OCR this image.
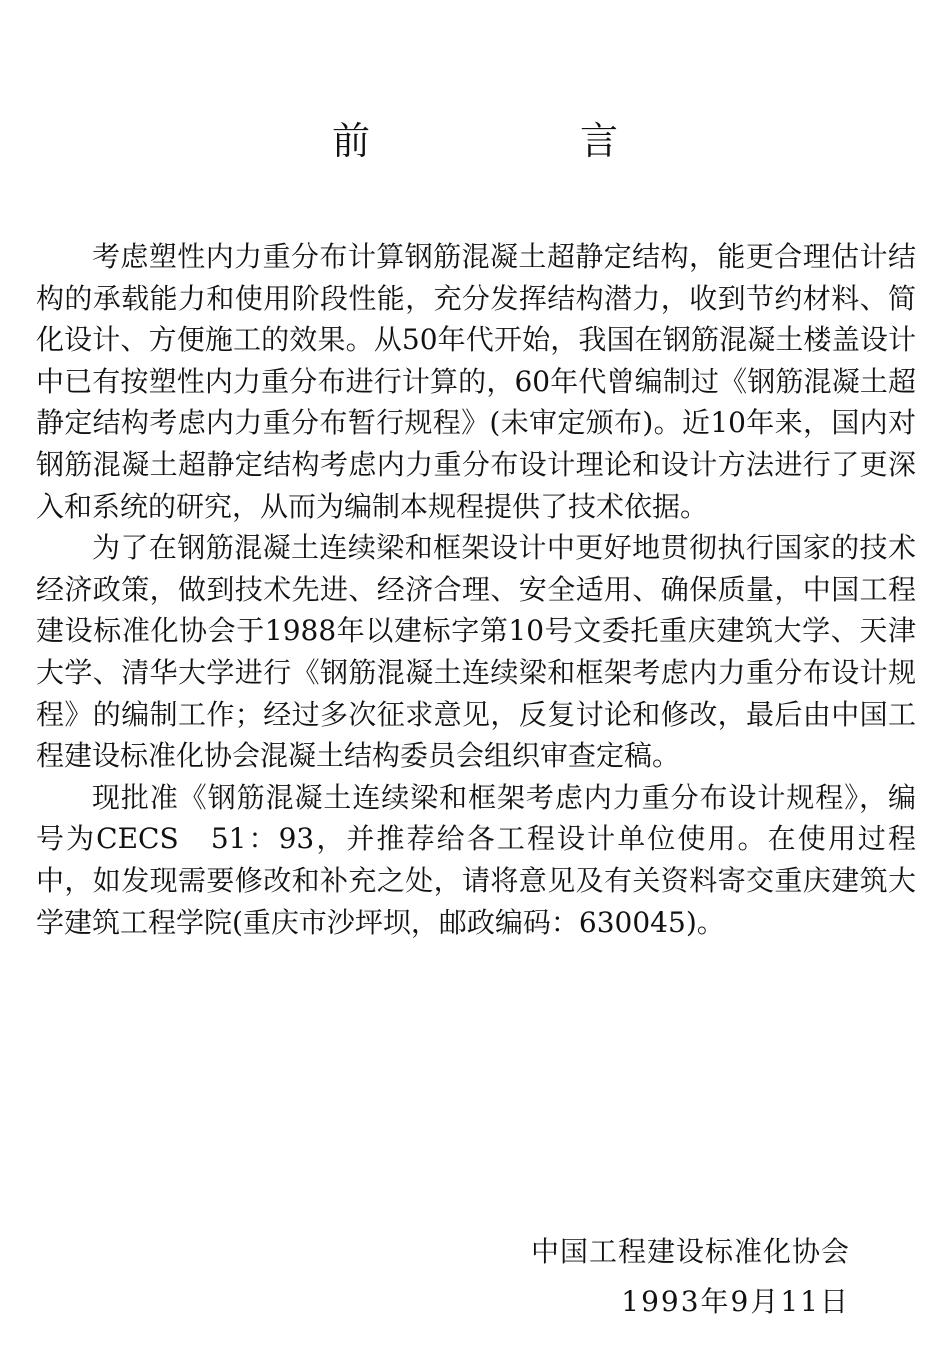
前　言

考虑塑性内力重分布计算钢筋混凝土超静定结构，能更合理估计结构的承载能力和使用阶段性能，充分发挥结构潜力，收到节约材料、简化设计、方便施工的效果。从50年代开始，我国在钢筋混凝土楼盖设计中已有按塑性内力重分布进行计算的，60年代曾编制过《钢筋混凝土超静定结构考虑内力重分布暂行规程》(未审定颁布)。近10年来，国内对钢筋混凝土超静定结构考虑内力重分布设计理论和设计方法进行了更深入和系统的研究，从而为编制本规程提供了技术依据。

为了在钢筋混凝土连续梁和框架设计中更好地贯彻执行国家的技术经济政策，做到技术先进、经济合理、安全适用、确保质量，中国工程建设标准化协会于1988年以建标字第10号文委托重庆建筑大学、天津大学、清华大学进行《钢筋混凝土连续梁和框架考虑内力重分布设计规程》的编制工作；经过多次征求意见，反复讨论和修改，最后由中国工程建设标准化协会混凝土结构委员会组织审查定稿。

现批准《钢筋混凝土连续梁和框架考虑内力重分布设计规程》，编号为CECS　51：93，并推荐给各工程设计单位使用。在使用过程中，如发现需要修改和补充之处，请将意见及有关资料寄交重庆建筑大学建筑工程学院(重庆市沙坪坝，邮政编码：630045)。

中国工程建设标准化协会
1993年9月11日
